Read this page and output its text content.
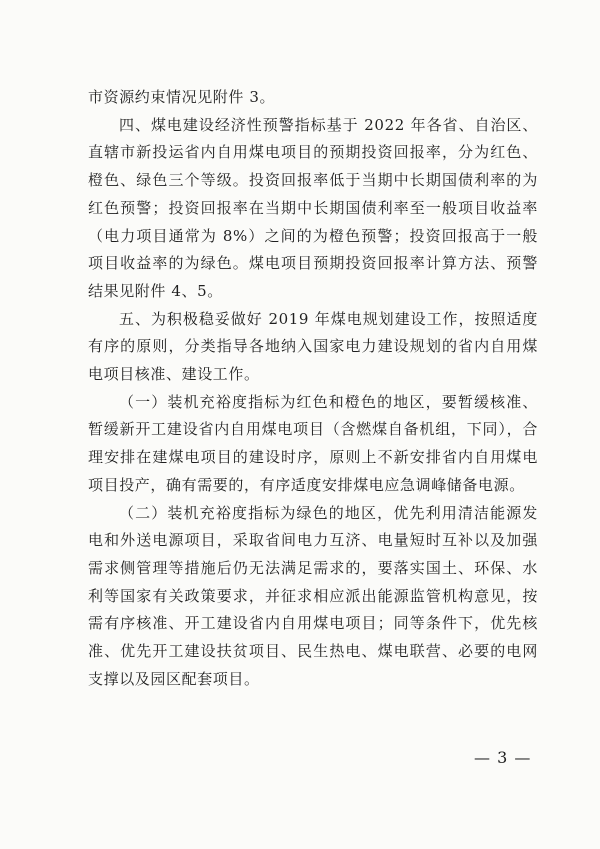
市资源约束情况见附件 3。

四、煤电建设经济性预警指标基于 2022 年各省、自治区、直辖市新投运省内自用煤电项目的预期投资回报率，分为红色、橙色、绿色三个等级。投资回报率低于当期中长期国债利率的为红色预警；投资回报率在当期中长期国债利率至一般项目收益率（电力项目通常为 8%）之间的为橙色预警；投资回报高于一般项目收益率的为绿色。煤电项目预期投资回报率计算方法、预警结果见附件 4、5。

五、为积极稳妥做好 2019 年煤电规划建设工作，按照适度有序的原则，分类指导各地纳入国家电力建设规划的省内自用煤电项目核准、建设工作。

（一）装机充裕度指标为红色和橙色的地区，要暂缓核准、暂缓新开工建设省内自用煤电项目（含燃煤自备机组，下同），合理安排在建煤电项目的建设时序，原则上不新安排省内自用煤电项目投产，确有需要的，有序适度安排煤电应急调峰储备电源。

（二）装机充裕度指标为绿色的地区，优先利用清洁能源发电和外送电源项目，采取省间电力互济、电量短时互补以及加强需求侧管理等措施后仍无法满足需求的，要落实国土、环保、水利等国家有关政策要求，并征求相应派出能源监管机构意见，按需有序核准、开工建设省内自用煤电项目；同等条件下，优先核准、优先开工建设扶贫项目、民生热电、煤电联营、必要的电网支撑以及园区配套项目。

— 3 —
